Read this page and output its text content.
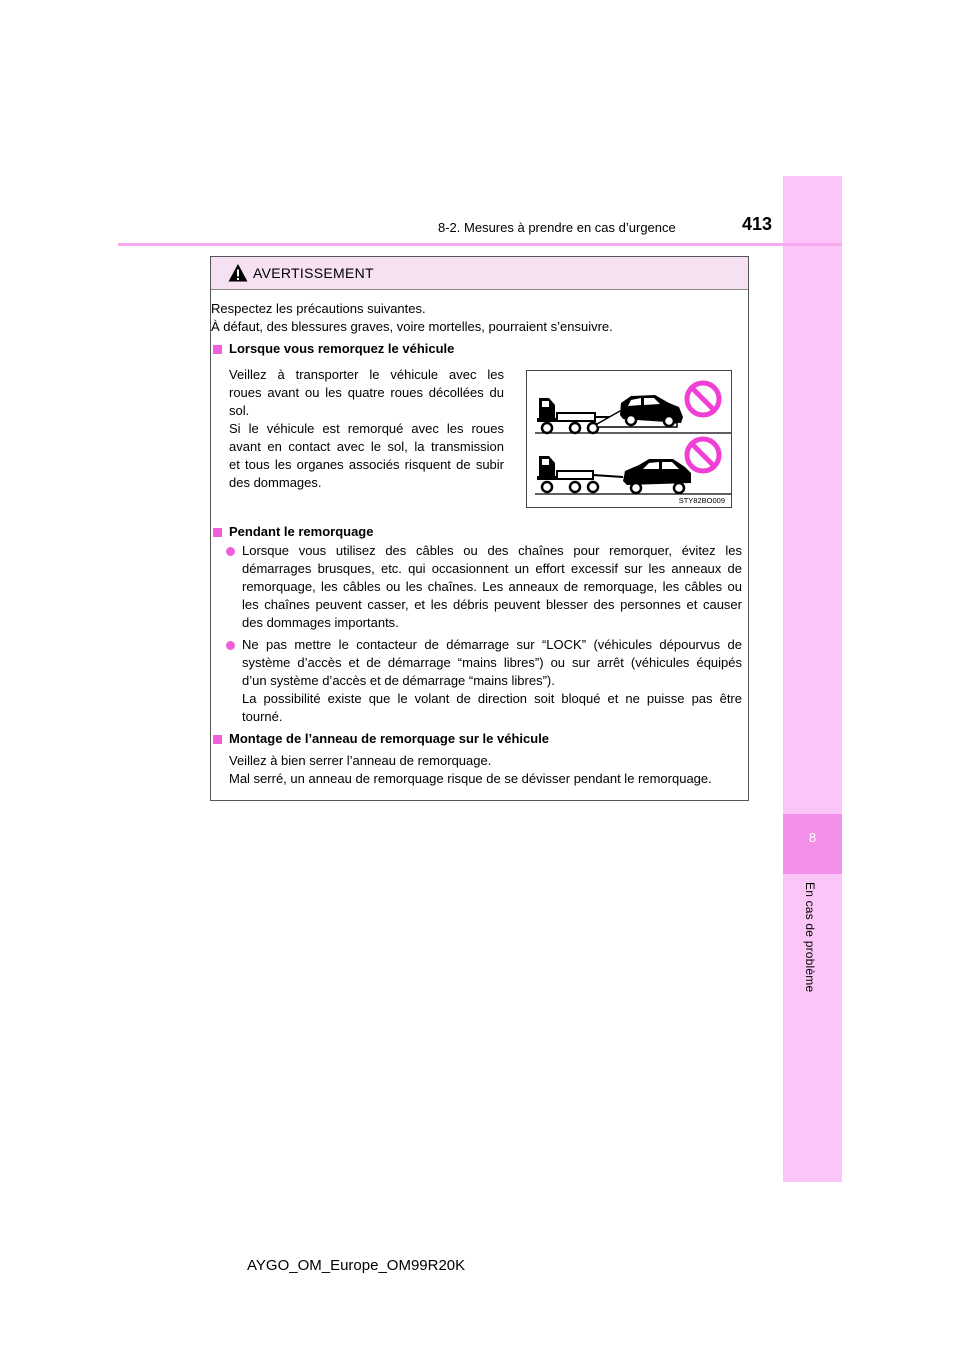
8
En cas de problème
8-2. Mesures à prendre en cas d’urgence	413
AVERTISSEMENT
Respectez les précautions suivantes.
À défaut, des blessures graves, voire mortelles, pourraient s’ensuivre.
Lorsque vous remorquez le véhicule
Veillez à transporter le véhicule avec les
roues avant ou les quatre roues décollées du
sol.
Si le véhicule est remorqué avec les roues
avant en contact avec le sol, la transmission
et tous les organes associés risquent de subir
des dommages.
STY82BO009
Pendant le remorquage
Lorsque vous utilisez des câbles ou des chaînes pour remorquer, évitez les
démarrages brusques, etc. qui occasionnent un effort excessif sur les anneaux de
remorquage, les câbles ou les chaînes. Les anneaux de remorquage, les câbles ou
les chaînes peuvent casser, et les débris peuvent blesser des personnes et causer
des dommages importants.
Ne pas mettre le contacteur de démarrage sur “LOCK” (véhicules dépourvus de
système d’accès et de démarrage “mains libres”) ou sur arrêt (véhicules équipés
d’un système d’accès et de démarrage “mains libres”).
La possibilité existe que le volant de direction soit bloqué et ne puisse pas être
tourné.
Montage de l’anneau de remorquage sur le véhicule
Veillez à bien serrer l’anneau de remorquage.
Mal serré, un anneau de remorquage risque de se dévisser pendant le remorquage.
AYGO_OM_Europe_OM99R20K
